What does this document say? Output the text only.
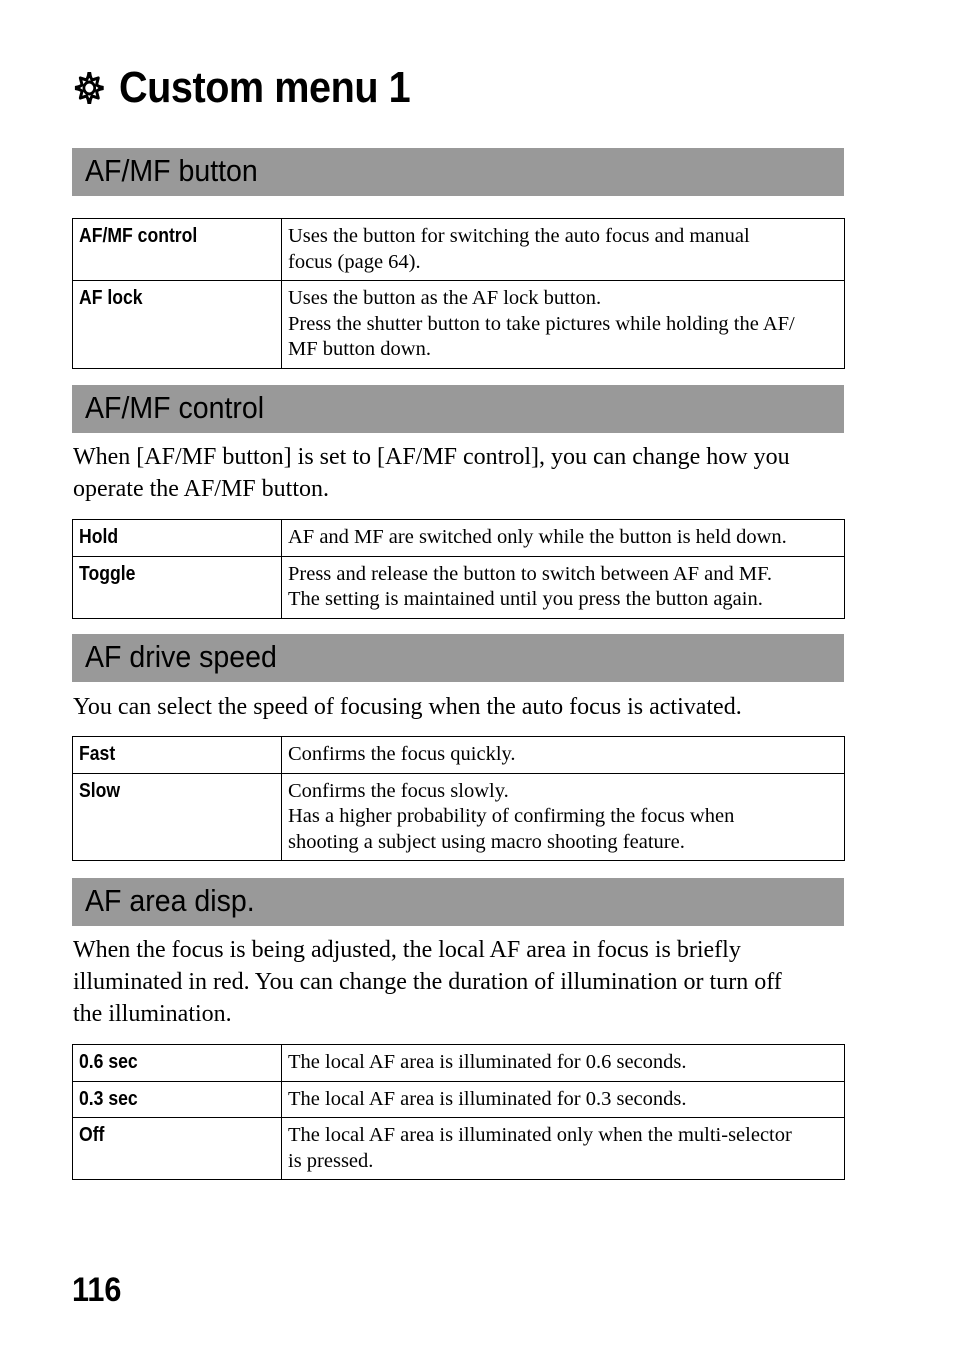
Custom menu 1
AF/MF button
AF/MF control	Uses the button for switching the auto focus and manual
focus (page 64).
AF lock	Uses the button as the AF lock button.
Press the shutter button to take pictures while holding the AF/
MF button down.
AF/MF control
When [AF/MF button] is set to [AF/MF control], you can change how you
operate the AF/MF button.
Hold	AF and MF are switched only while the button is held down.
Toggle	Press and release the button to switch between AF and MF.
The setting is maintained until you press the button again.
AF drive speed
You can select the speed of focusing when the auto focus is activated.
Fast	Confirms the focus quickly.
Slow	Confirms the focus slowly.
Has a higher probability of confirming the focus when
shooting a subject using macro shooting feature.
AF area disp.
When the focus is being adjusted, the local AF area in focus is briefly
illuminated in red. You can change the duration of illumination or turn off
the illumination.
0.6 sec	The local AF area is illuminated for 0.6 seconds.
0.3 sec	The local AF area is illuminated for 0.3 seconds.
Off	The local AF area is illuminated only when the multi-selector
is pressed.
116
